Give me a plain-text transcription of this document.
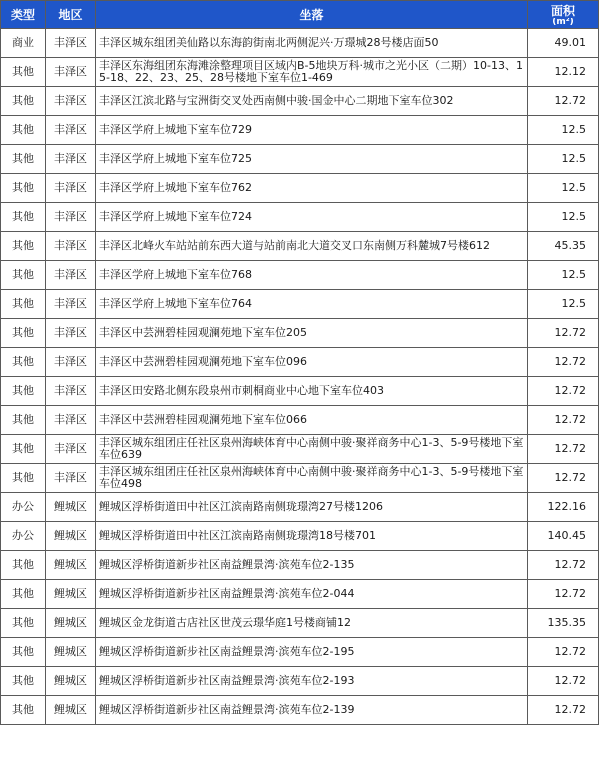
类型	地区	坐落	面积
(m²)

商业	丰泽区	丰泽区城东组团美仙路以东海韵街南北两侧泥兴·万璟城28号楼店面50	49.01
其他	丰泽区	丰泽区东海组团东海滩涂整理项目区域内B-5地块万科·城市之光小区（二期）10-13、15-18、22、23、25、28号楼地下室车位1-469	12.12
其他	丰泽区	丰泽区江滨北路与宝洲街交叉处西南侧中骏·国金中心二期地下室车位302	12.72
其他	丰泽区	丰泽区学府上城地下室车位729	12.5
其他	丰泽区	丰泽区学府上城地下室车位725	12.5
其他	丰泽区	丰泽区学府上城地下室车位762	12.5
其他	丰泽区	丰泽区学府上城地下室车位724	12.5
其他	丰泽区	丰泽区北峰火车站站前东西大道与站前南北大道交叉口东南侧万科麓城7号楼612	45.35
其他	丰泽区	丰泽区学府上城地下室车位768	12.5
其他	丰泽区	丰泽区学府上城地下室车位764	12.5
其他	丰泽区	丰泽区中芸洲碧桂园观澜苑地下室车位205	12.72
其他	丰泽区	丰泽区中芸洲碧桂园观澜苑地下室车位096	12.72
其他	丰泽区	丰泽区田安路北侧东段泉州市刺桐商业中心地下室车位403	12.72
其他	丰泽区	丰泽区中芸洲碧桂园观澜苑地下室车位066	12.72
其他	丰泽区	丰泽区城东组团庄任社区泉州海峡体育中心南侧中骏·聚祥商务中心1-3、5-9号楼地下室车位639	12.72
其他	丰泽区	丰泽区城东组团庄任社区泉州海峡体育中心南侧中骏·聚祥商务中心1-3、5-9号楼地下室车位498	12.72
办公	鲤城区	鲤城区浮桥街道田中社区江滨南路南侧珑璟湾27号楼1206	122.16
办公	鲤城区	鲤城区浮桥街道田中社区江滨南路南侧珑璟湾18号楼701	140.45
其他	鲤城区	鲤城区浮桥街道新步社区南益鲤景湾·滨苑车位2-135	12.72
其他	鲤城区	鲤城区浮桥街道新步社区南益鲤景湾·滨苑车位2-044	12.72
其他	鲤城区	鲤城区金龙街道古店社区世茂云璟华庭1号楼商铺12	135.35
其他	鲤城区	鲤城区浮桥街道新步社区南益鲤景湾·滨苑车位2-195	12.72
其他	鲤城区	鲤城区浮桥街道新步社区南益鲤景湾·滨苑车位2-193	12.72
其他	鲤城区	鲤城区浮桥街道新步社区南益鲤景湾·滨苑车位2-139	12.72
